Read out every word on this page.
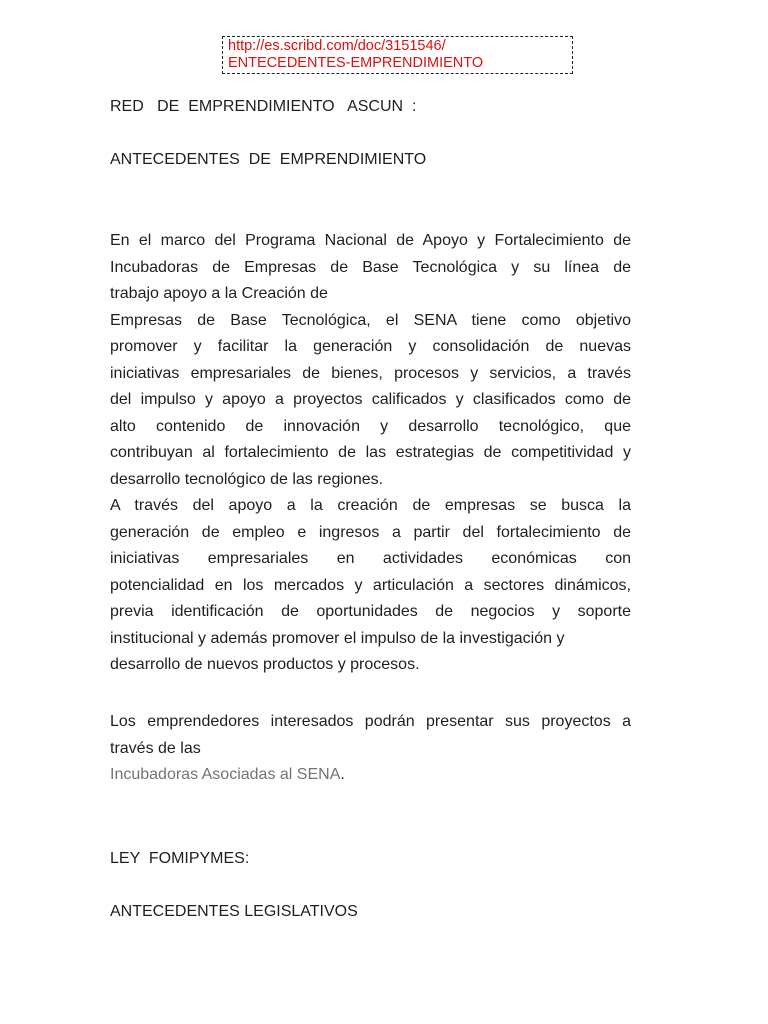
http://es.scribd.com/doc/3151546/
ENTECEDENTES-EMPRENDIMIENTO
RED   DE  EMPRENDIMIENTO   ASCUN  :
ANTECEDENTES  DE  EMPRENDIMIENTO
En el marco del Programa Nacional de Apoyo y Fortalecimiento de
Incubadoras de Empresas de Base Tecnológica y su línea de
trabajo apoyo a la Creación de
Empresas de Base Tecnológica, el SENA tiene como objetivo
promover y facilitar la generación y consolidación de nuevas
iniciativas empresariales de bienes, procesos y servicios, a través
del impulso y apoyo a proyectos calificados y clasificados como de
alto contenido de innovación y desarrollo tecnológico, que
contribuyan al fortalecimiento de las estrategias de competitividad y
desarrollo tecnológico de las regiones.
A través del apoyo a la creación de empresas se busca la
generación de empleo e ingresos a partir del fortalecimiento de
iniciativas empresariales en actividades económicas con
potencialidad en los mercados y articulación a sectores dinámicos,
previa identificación de oportunidades de negocios y soporte
institucional y además promover el impulso de la investigación y
desarrollo de nuevos productos y procesos.
Los emprendedores interesados podrán presentar sus proyectos a
través de las
Incubadoras Asociadas al SENA.
LEY  FOMIPYMES:
ANTECEDENTES LEGISLATIVOS
